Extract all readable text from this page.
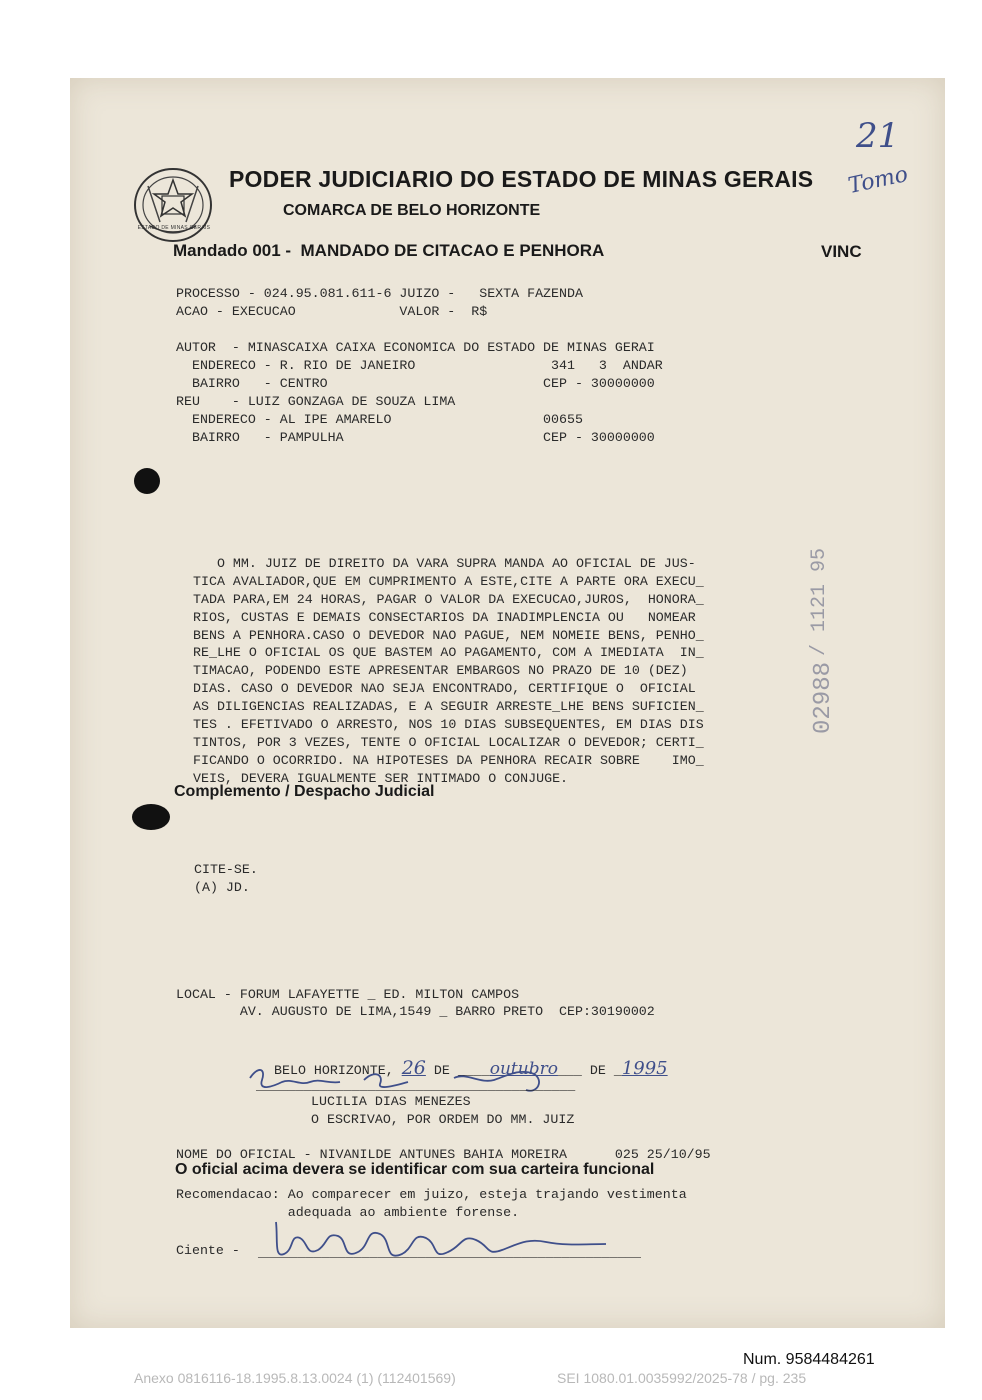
ESTADO DE MINAS GERAIS
PODER JUDICIARIO DO ESTADO DE MINAS GERAIS
COMARCA DE BELO HORIZONTE
Mandado 001 -  MANDADO DE CITACAO E PENHORA	VINC
21
Tomo
PROCESSO - 024.95.081.611-6 JUIZO -   SEXTA FAZENDA
ACAO - EXECUCAO             VALOR -  R$
AUTOR  - MINASCAIXA CAIXA ECONOMICA DO ESTADO DE MINAS GERAI
ENDERECO - R. RIO DE JANEIRO                 341   3  ANDAR
BAIRRO   - CENTRO                           CEP - 30000000
REU    - LUIZ GONZAGA DE SOUZA LIMA
ENDERECO - AL IPE AMARELO                   00655
BAIRRO   - PAMPULHA                         CEP - 30000000

O MM. JUIZ DE DIREITO DA VARA SUPRA MANDA AO OFICIAL DE JUS-
TICA AVALIADOR,QUE EM CUMPRIMENTO A ESTE,CITE A PARTE ORA EXECU_
TADA PARA,EM 24 HORAS, PAGAR O VALOR DA EXECUCAO,JUROS,  HONORA_
RIOS, CUSTAS E DEMAIS CONSECTARIOS DA INADIMPLENCIA OU   NOMEAR
BENS A PENHORA.CASO O DEVEDOR NAO PAGUE, NEM NOMEIE BENS, PENHO_
RE_LHE O OFICIAL OS QUE BASTEM AO PAGAMENTO, COM A IMEDIATA  IN_
TIMACAO, PODENDO ESTE APRESENTAR EMBARGOS NO PRAZO DE 10 (DEZ)
DIAS. CASO O DEVEDOR NAO SEJA ENCONTRADO, CERTIFIQUE O  OFICIAL
AS DILIGENCIAS REALIZADAS, E A SEGUIR ARRESTE_LHE BENS SUFICIEN_
TES . EFETIVADO O ARRESTO, NOS 10 DIAS SUBSEQUENTES, EM DIAS DIS
TINTOS, POR 3 VEZES, TENTE O OFICIAL LOCALIZAR O DEVEDOR; CERTI_
FICANDO O OCORRIDO. NA HIPOTESES DA PENHORA RECAIR SOBRE    IMO_
VEIS, DEVERA IGUALMENTE SER INTIMADO O CONJUGE.

/ 1121 95
02988
Complemento / Despacho Judicial
CITE-SE.
(A) JD.
LOCAL - FORUM LAFAYETTE _ ED. MILTON CAMPOS
AV. AUGUSTO DE LIMA,1549 _ BARRO PRETO  CEP:30190002

BELO HORIZONTE, 26 DE ____outubro___ DE _1995

________________________________________
LUCILIA DIAS MENEZES
O ESCRIVAO, POR ORDEM DO MM. JUIZ
NOME DO OFICIAL - NIVANILDE ANTUNES BAHIA MOREIRA      025 25/10/95
O oficial acima devera se identificar com sua carteira funcional
Recomendacao: Ao comparecer em juizo, esteja trajando vestimenta
adequada ao ambiente forense.
Ciente - ________________________________________________
Num. 9584484261
Anexo 0816116-18.1995.8.13.0024 (1) (112401569)	SEI 1080.01.0035992/2025-78 / pg. 235
